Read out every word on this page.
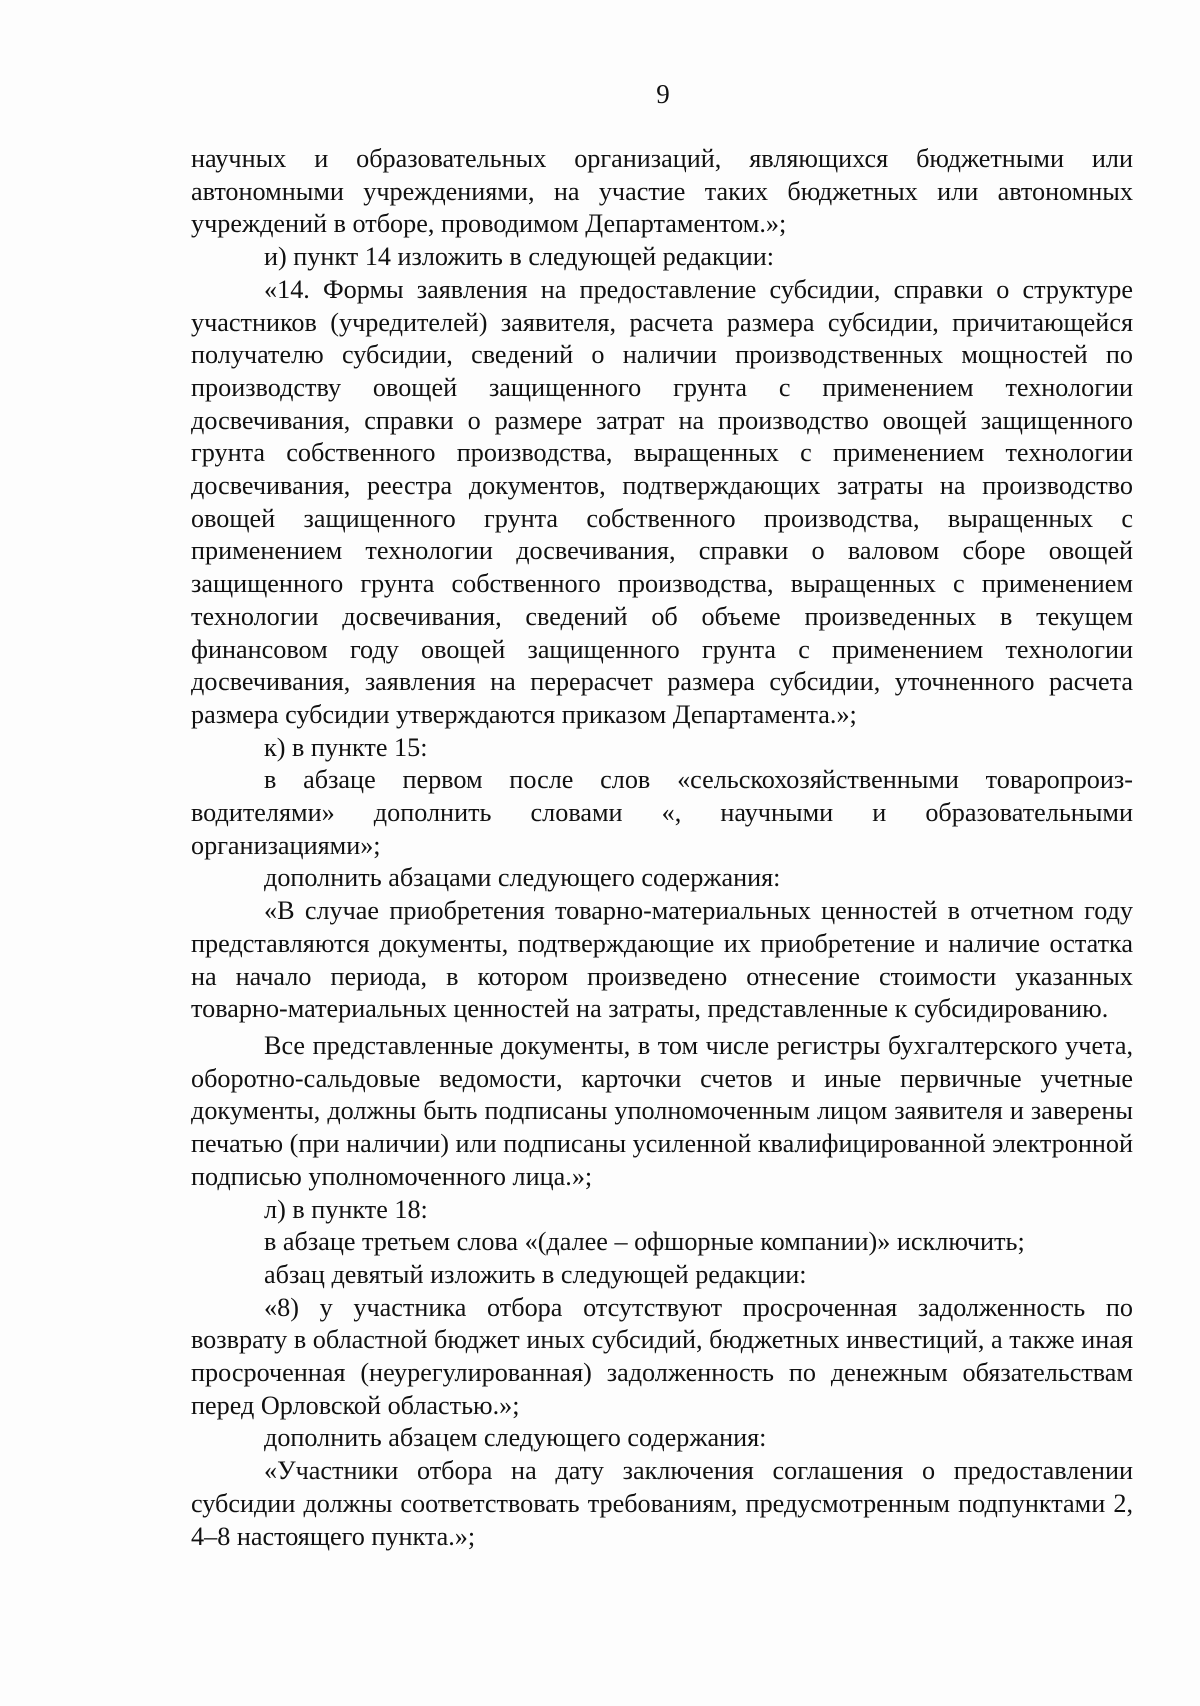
9

научных и образовательных организаций, являющихся бюджетными или автономными учреждениями, на участие таких бюджетных или автономных учреждений в отборе, проводимом Департаментом.»;

и) пункт 14 изложить в следующей редакции:

«14. Формы заявления на предоставление субсидии, справки о структуре участников (учредителей) заявителя, расчета размера субсидии, причитающейся получателю субсидии, сведений о наличии производственных мощностей по производству овощей защищенного грунта с применением технологии досвечивания, справки о размере затрат на производство овощей защищенного грунта собственного производства, выращенных с применением технологии досвечивания, реестра документов, подтверждающих затраты на производство овощей защищенного грунта собственного производства, выращенных с применением технологии досвечивания, справки о валовом сборе овощей защищенного грунта собственного производства, выращенных с применением технологии досвечивания, сведений об объеме произведенных в текущем финансовом году овощей защищенного грунта с применением технологии досвечивания, заявления на перерасчет размера субсидии, уточненного расчета размера субсидии утверждаются приказом Департамента.»;

к) в пункте 15:

в абзаце первом после слов «сельскохозяйственными товаропроизводителями» дополнить словами «, научными и образовательными организациями»;

дополнить абзацами следующего содержания:

«В случае приобретения товарно-материальных ценностей в отчетном году представляются документы, подтверждающие их приобретение и наличие остатка на начало периода, в котором произведено отнесение стоимости указанных товарно-материальных ценностей на затраты, представленные к субсидированию.

Все представленные документы, в том числе регистры бухгалтерского учета, оборотно-сальдовые ведомости, карточки счетов и иные первичные учетные документы, должны быть подписаны уполномоченным лицом заявителя и заверены печатью (при наличии) или подписаны усиленной квалифицированной электронной подписью уполномоченного лица.»;

л) в пункте 18:

в абзаце третьем слова «(далее – офшорные компании)» исключить;

абзац девятый изложить в следующей редакции:

«8) у участника отбора отсутствуют просроченная задолженность по возврату в областной бюджет иных субсидий, бюджетных инвестиций, а также иная просроченная (неурегулированная) задолженность по денежным обязательствам перед Орловской областью.»;

дополнить абзацем следующего содержания:

«Участники отбора на дату заключения соглашения о предоставлении субсидии должны соответствовать требованиям, предусмотренным подпунктами 2, 4–8 настоящего пункта.»;
